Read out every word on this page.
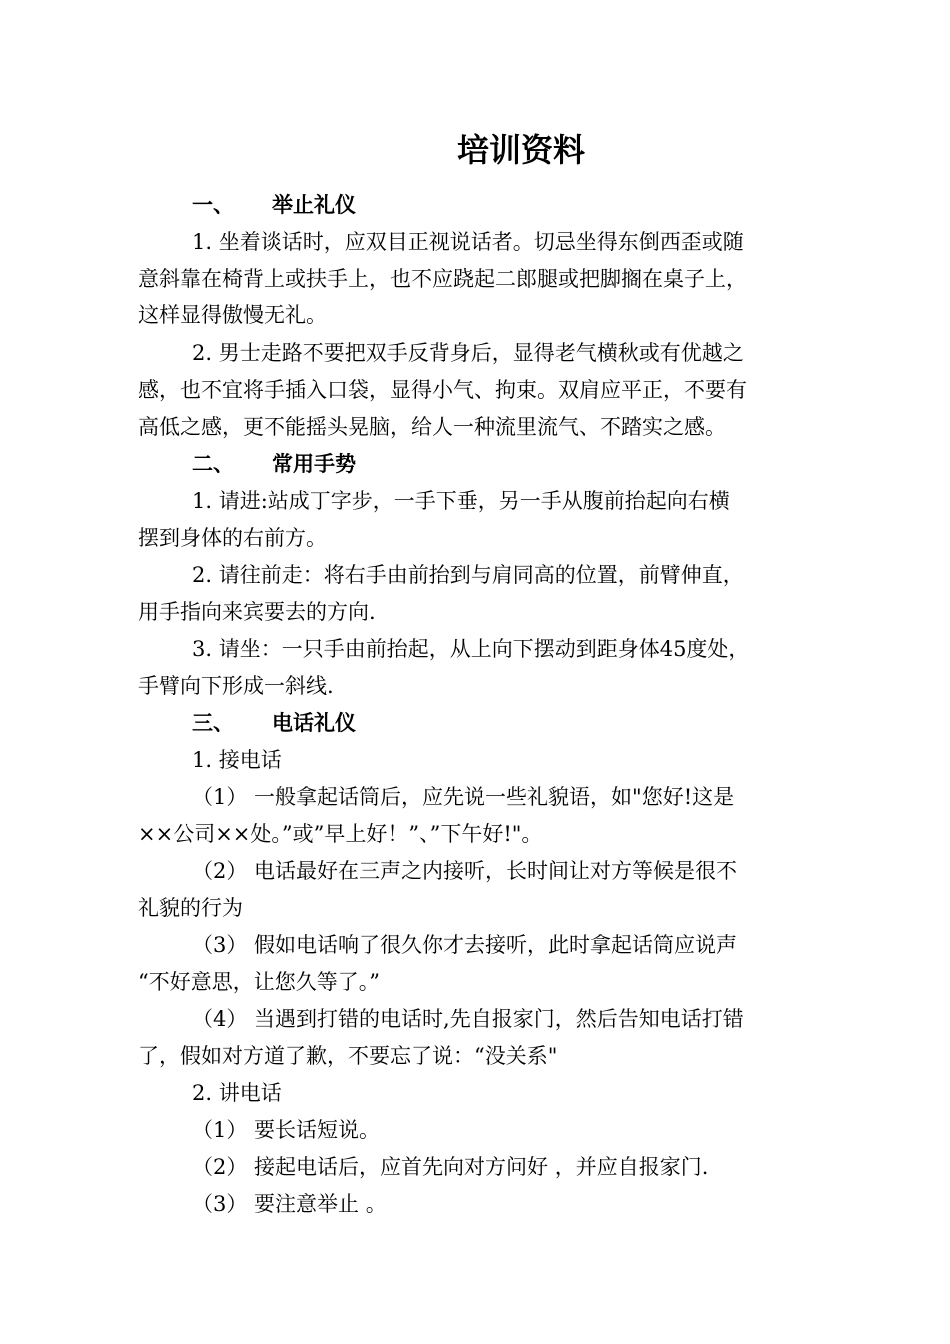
培训资料
一、 举止礼仪
1. 坐着谈话时，应双目正视说话者。切忌坐得东倒西歪或随
意斜靠在椅背上或扶手上，也不应跷起二郎腿或把脚搁在桌子上，
这样显得傲慢无礼。
2. 男士走路不要把双手反背身后，显得老气横秋或有优越之
感，也不宜将手插入口袋，显得小气、拘束。双肩应平正，不要有
高低之感，更不能摇头晃脑，给人一种流里流气、不踏实之感。
二、 常用手势
1. 请进:站成丁字步，一手下垂，另一手从腹前抬起向右横
摆到身体的右前方。
2. 请往前走：将右手由前抬到与肩同高的位置，前臂伸直，
用手指向来宾要去的方向.
3. 请坐：一只手由前抬起，从上向下摆动到距身体45度处，
手臂向下形成一斜线.
三、 电话礼仪
1. 接电话
（1） 一般拿起话筒后，应先说一些礼貌语，如"您好!这是
××公司××处。”或”早上好！”、”下午好!"。
（2） 电话最好在三声之内接听，长时间让对方等候是很不
礼貌的行为
（3） 假如电话响了很久你才去接听，此时拿起话筒应说声
“不好意思，让您久等了。”
（4） 当遇到打错的电话时,先自报家门，然后告知电话打错
了，假如对方道了歉，不要忘了说：“没关系"
2. 讲电话
（1） 要长话短说。
（2） 接起电话后，应首先向对方问好 ，并应自报家门.
（3） 要注意举止 。
